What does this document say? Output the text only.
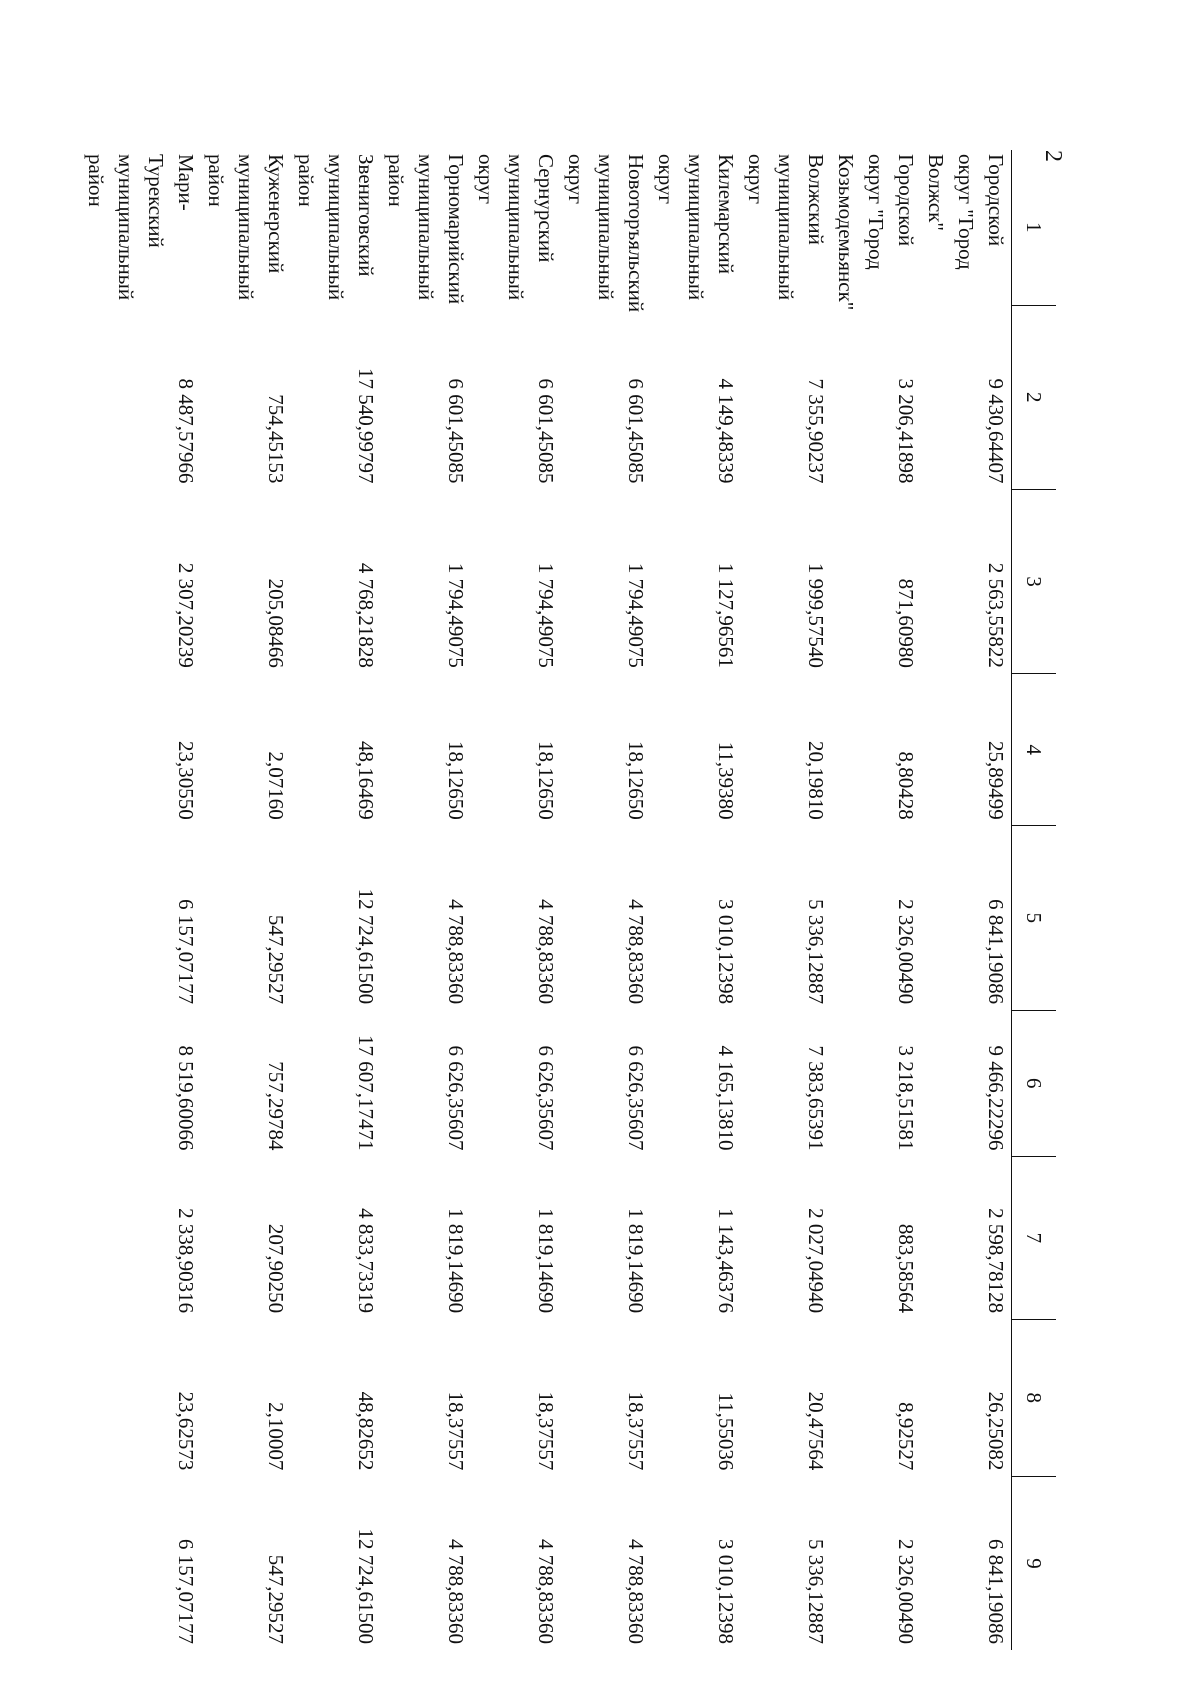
2
1	2	3	4	5	6	7	8	9
Городской округ "Город Волжск"	9 430,64407	2 563,55822	25,89499	6 841,19086	9 466,22296	2 598,78128	26,25082	6 841,19086
Городской округ "Город Козьмодемьянск"	3 206,41898	871,60980	8,80428	2 326,00490	3 218,51581	883,58564	8,92527	2 326,00490
Волжский муниципальный округ	7 355,90237	1 999,57540	20,19810	5 336,12887	7 383,65391	2 027,04940	20,47564	5 336,12887
Килемарский муниципальный округ	4 149,48339	1 127,96561	11,39380	3 010,12398	4 165,13810	1 143,46376	11,55036	3 010,12398
Новоторъяльский муниципальный округ	6 601,45085	1 794,49075	18,12650	4 788,83360	6 626,35607	1 819,14690	18,37557	4 788,83360
Сернурский муниципальный округ	6 601,45085	1 794,49075	18,12650	4 788,83360	6 626,35607	1 819,14690	18,37557	4 788,83360
Горномарийский муниципальный район	6 601,45085	1 794,49075	18,12650	4 788,83360	6 626,35607	1 819,14690	18,37557	4 788,83360
Звениговский муниципальный район	17 540,99797	4 768,21828	48,16469	12 724,61500	17 607,17471	4 833,73319	48,82652	12 724,61500
Куженерский муниципальный район	754,45153	205,08466	2,07160	547,29527	757,29784	207,90250	2,10007	547,29527
Мари-Турекский муниципальный район	8 487,57966	2 307,20239	23,30550	6 157,07177	8 519,60066	2 338,90316	23,62573	6 157,07177
